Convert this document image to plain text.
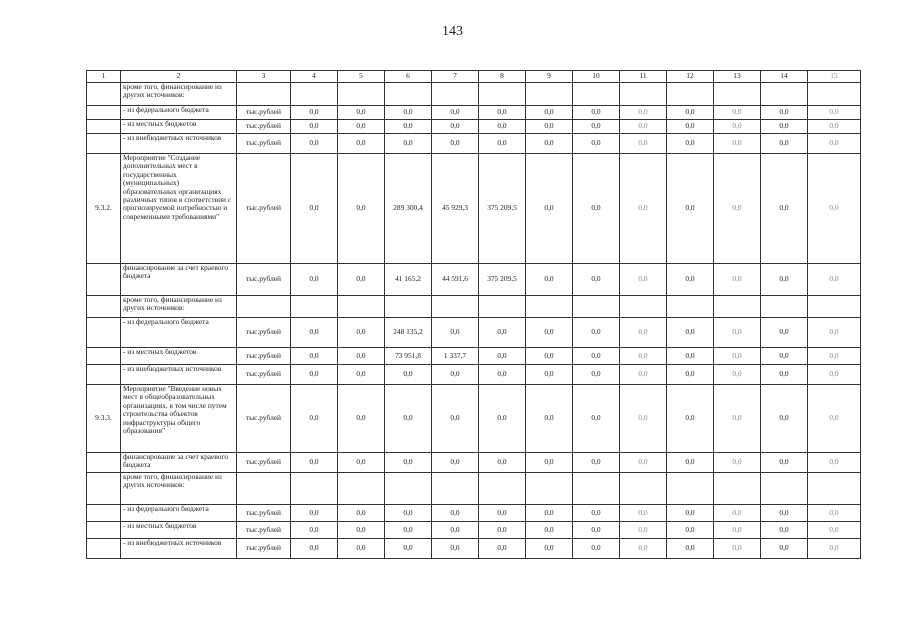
143
1	2	3	4	5	6	7	8	9	10	11	12	13	14	15
	кроме того, финансирование из других источников:													
	- из федерального бюджета	тыс.рублей	0,0	0,0	0,0	0,0	0,0	0,0	0,0	0,0	0,0	0,0	0,0	0,0
	- из местных бюджетов	тыс.рублей	0,0	0,0	0,0	0,0	0,0	0,0	0,0	0,0	0,0	0,0	0,0	0,0
	- из внебюджетных источников	тыс.рублей	0,0	0,0	0,0	0,0	0,0	0,0	0,0	0,0	0,0	0,0	0,0	0,0
9.3.2.	Мероприятие "Создание дополнительных мест в государственных (муниципальных) образовательных организациях различных типов в соответствии с прогнозируемой потребностью и современными требованиями"	тыс.рублей	0,0	0,0	289 300,4	45 929,3	375 209,5	0,0	0,0	0,0	0,0	0,0	0,0	0,0
	финансирование за счет краевого бюджета	тыс.рублей	0,0	0,0	41 165,2	44 591,6	375 209,5	0,0	0,0	0,0	0,0	0,0	0,0	0,0
	кроме того, финансирование из других источников:													
	- из федерального бюджета	тыс.рублей	0,0	0,0	248 135,2	0,0	0,0	0,0	0,0	0,0	0,0	0,0	0,0	0,0
	- из местных бюджетов	тыс.рублей	0,0	0,0	73 951,8	1 337,7	0,0	0,0	0,0	0,0	0,0	0,0	0,0	0,0
	- из внебюджетных источников	тыс.рублей	0,0	0,0	0,0	0,0	0,0	0,0	0,0	0,0	0,0	0,0	0,0	0,0
9.3.3.	Мероприятие "Введение новых мест в общеобразовательных организациях, в том числе путем строительства объектов инфраструктуры общего образования"	тыс.рублей	0,0	0,0	0,0	0,0	0,0	0,0	0,0	0,0	0,0	0,0	0,0	0,0
	финансирование за счет краевого бюджета	тыс.рублей	0,0	0,0	0,0	0,0	0,0	0,0	0,0	0,0	0,0	0,0	0,0	0,0
	кроме того, финансирование из других источников:													
	- из федерального бюджета	тыс.рублей	0,0	0,0	0,0	0,0	0,0	0,0	0,0	0,0	0,0	0,0	0,0	0,0
	- из местных бюджетов	тыс.рублей	0,0	0,0	0,0	0,0	0,0	0,0	0,0	0,0	0,0	0,0	0,0	0,0
	- из внебюджетных источников	тыс.рублей	0,0	0,0	0,0	0,0	0,0	0,0	0,0	0,0	0,0	0,0	0,0	0,0
